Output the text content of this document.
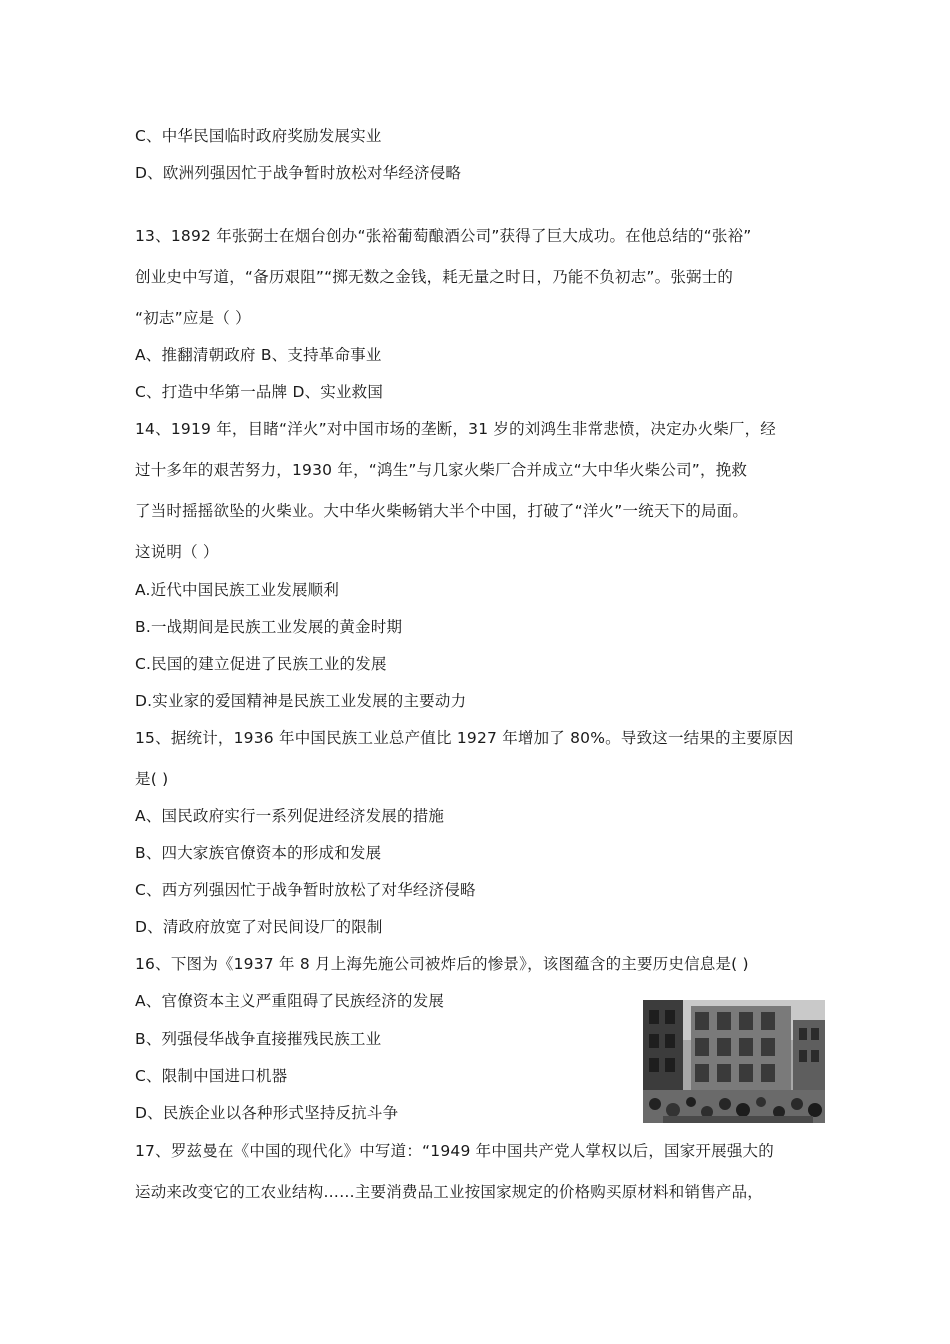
C、中华民国临时政府奖励发展实业
D、欧洲列强因忙于战争暂时放松对华经济侵略
13、1892 年张弼士在烟台创办“张裕葡萄酿酒公司”获得了巨大成功。在他总结的“张裕”
创业史中写道，“备历艰阻”“掷无数之金钱，耗无量之时日，乃能不负初志”。张弼士的
“初志”应是（ ）
A、推翻清朝政府 B、支持革命事业
C、打造中华第一品牌 D、实业救国
14、1919 年，目睹“洋火”对中国市场的垄断，31 岁的刘鸿生非常悲愤，决定办火柴厂，经
过十多年的艰苦努力，1930 年，“鸿生”与几家火柴厂合并成立“大中华火柴公司”，挽救
了当时摇摇欲坠的火柴业。大中华火柴畅销大半个中国，打破了“洋火”一统天下的局面。
这说明（ ）
A.近代中国民族工业发展顺利
B.一战期间是民族工业发展的黄金时期
C.民国的建立促进了民族工业的发展
D.实业家的爱国精神是民族工业发展的主要动力
15、据统计，1936 年中国民族工业总产值比 1927 年增加了 80%。导致这一结果的主要原因
是( )
A、国民政府实行一系列促进经济发展的措施
B、四大家族官僚资本的形成和发展
C、西方列强因忙于战争暂时放松了对华经济侵略
D、清政府放宽了对民间设厂的限制
16、下图为《1937 年 8 月上海先施公司被炸后的惨景》，该图蕴含的主要历史信息是( )
A、官僚资本主义严重阻碍了民族经济的发展
B、列强侵华战争直接摧残民族工业
C、限制中国进口机器
D、民族企业以各种形式坚持反抗斗争
17、罗兹曼在《中国的现代化》中写道：“1949 年中国共产党人掌权以后，国家开展强大的
运动来改变它的工农业结构……主要消费品工业按国家规定的价格购买原材料和销售产品，
